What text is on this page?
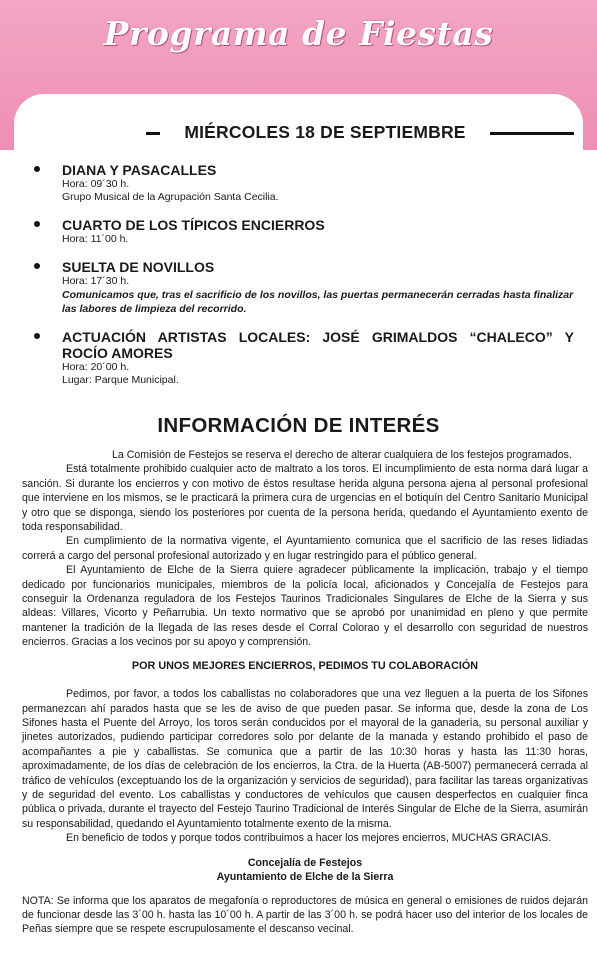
Programa de Fiestas
MIÉRCOLES 18 DE SEPTIEMBRE
DIANA Y PASACALLES
Hora: 09´30 h.
Grupo Musical de la Agrupación Santa Cecilia.
CUARTO DE LOS TÍPICOS ENCIERROS
Hora: 11´00 h.
SUELTA DE NOVILLOS
Hora: 17´30 h.
Comunicamos que, tras el sacrificio de los novillos, las puertas permanecerán cerradas hasta finalizar las labores de limpieza del recorrido.
ACTUACIÓN ARTISTAS LOCALES: JOSÉ GRIMALDOS “CHALECO” Y ROCÍO AMORES
Hora: 20´00 h.
Lugar: Parque Municipal.
INFORMACIÓN DE INTERÉS

La Comisión de Festejos se reserva el derecho de alterar cualquiera de los festejos programados.

Está totalmente prohibido cualquier acto de maltrato a los toros. El incumplimiento de esta norma dará lugar a sanción. Si durante los encierros y con motivo de éstos resultase herida alguna persona ajena al personal profesional que interviene en los mismos, se le practicará la primera cura de urgencias en el botiquín del Centro Sanitario Municipal y otro que se disponga, siendo los posteriores por cuenta de la persona herida, quedando el Ayuntamiento exento de toda responsabilidad.

En cumplimiento de la normativa vigente, el Ayuntamiento comunica que el sacrificio de las reses lidiadas correrá a cargo del personal profesional autorizado y en lugar restringido para el público general.

El Ayuntamiento de Elche de la Sierra quiere agradecer públicamente la implicación, trabajo y el tiempo dedicado por funcionarios municipales, miembros de la policía local, aficionados y Concejalía de Festejos para conseguir la Ordenanza reguladora de los Festejos Taurinos Tradicionales Singulares de Elche de la Sierra y sus aldeas: Villares, Vicorto y Peñarrubia. Un texto normativo que se aprobó por unanimidad en pleno y que permite mantener la tradición de la llegada de las reses desde el Corral Colorao y el desarrollo con seguridad de nuestros encierros. Gracias a los vecinos por su apoyo y comprensión.

POR UNOS MEJORES ENCIERROS, PEDIMOS TU COLABORACIÓN

Pedimos, por favor, a todos los caballistas no colaboradores que una vez lleguen a la puerta de los Sifones permanezcan ahí parados hasta que se les de aviso de que pueden pasar. Se informa que, desde la zona de Los Sifones hasta el Puente del Arroyo, los toros serán conducidos por el mayoral de la ganadería, su personal auxiliar y jinetes autorizados, pudiendo participar corredores solo por delante de la manada y estando prohibido el paso de acompañantes a pie y caballistas. Se comunica que a partir de las 10:30 horas y hasta las 11:30 horas, aproximadamente, de los días de celebración de los encierros, la Ctra. de la Huerta (AB-5007) permanecerá cerrada al tráfico de vehículos (exceptuando los de la organización y servicios de seguridad), para facilitar las tareas organizativas y de seguridad del evento. Los caballistas y conductores de vehículos que causen desperfectos en cualquier finca pública o privada, durante el trayecto del Festejo Taurino Tradicional de Interés Singular de Elche de la Sierra, asumirán su responsabilidad, quedando el Ayuntamiento totalmente exento de la misma.

En beneficio de todos y porque todos contribuimos a hacer los mejores encierros, MUCHAS GRACIAS.

Concejalía de Festejos

Ayuntamiento de Elche de la Sierra

NOTA: Se informa que los aparatos de megafonía o reproductores de música en general o emisiones de ruidos dejarán de funcionar desde las 3´00 h. hasta las 10´00 h. A partir de las 3´00 h. se podrá hacer uso del interior de los locales de Peñas siempre que se respete escrupulosamente el descanso vecinal.
